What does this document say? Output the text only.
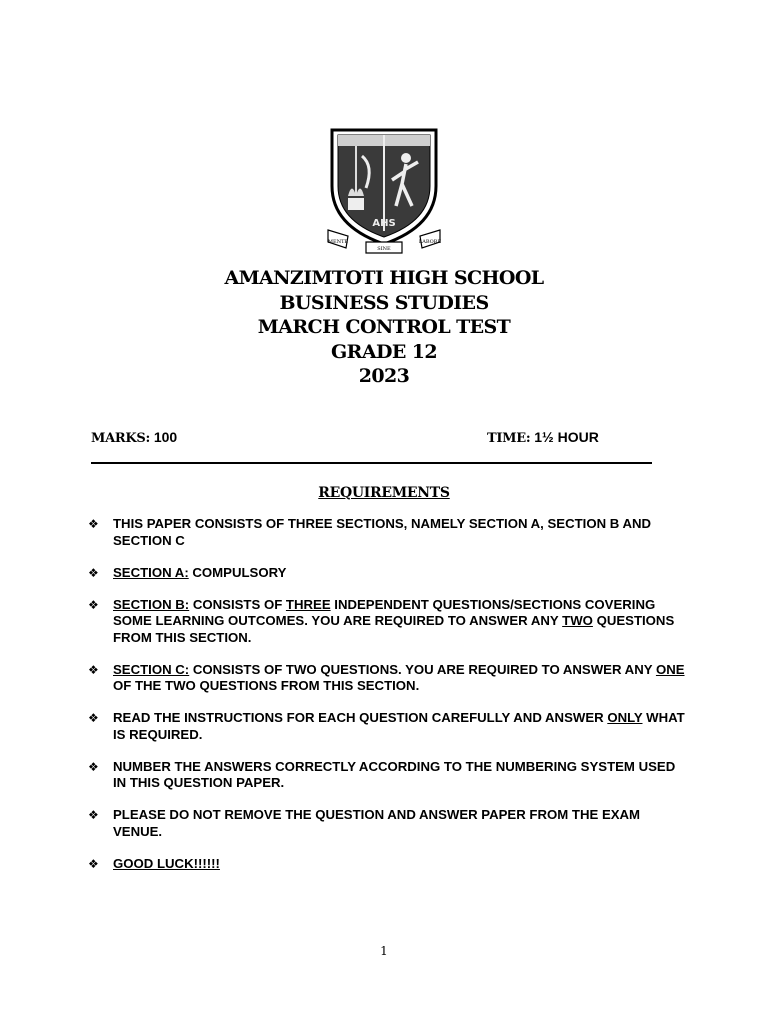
AHS
MENTE
SINE
LABORE
AMANZIMTOTI HIGH SCHOOL
BUSINESS STUDIES
MARCH CONTROL TEST
GRADE 12
2023
MARKS: 100	TIME: 1½ HOUR
REQUIREMENTS
❖ THIS PAPER CONSISTS OF THREE SECTIONS, NAMELY SECTION A, SECTION B AND SECTION C
❖ SECTION A: COMPULSORY
❖ SECTION B: CONSISTS OF THREE INDEPENDENT QUESTIONS/SECTIONS COVERING SOME LEARNING OUTCOMES. YOU ARE REQUIRED TO ANSWER ANY TWO QUESTIONS FROM THIS SECTION.
❖ SECTION C: CONSISTS OF TWO QUESTIONS. YOU ARE REQUIRED TO ANSWER ANY ONE OF THE TWO QUESTIONS FROM THIS SECTION.
❖ READ THE INSTRUCTIONS FOR EACH QUESTION CAREFULLY AND ANSWER ONLY WHAT IS REQUIRED.
❖ NUMBER THE ANSWERS CORRECTLY ACCORDING TO THE NUMBERING SYSTEM USED IN THIS QUESTION PAPER.
❖ PLEASE DO NOT REMOVE THE QUESTION AND ANSWER PAPER FROM THE EXAM VENUE.
❖ GOOD LUCK!!!!!!
1
